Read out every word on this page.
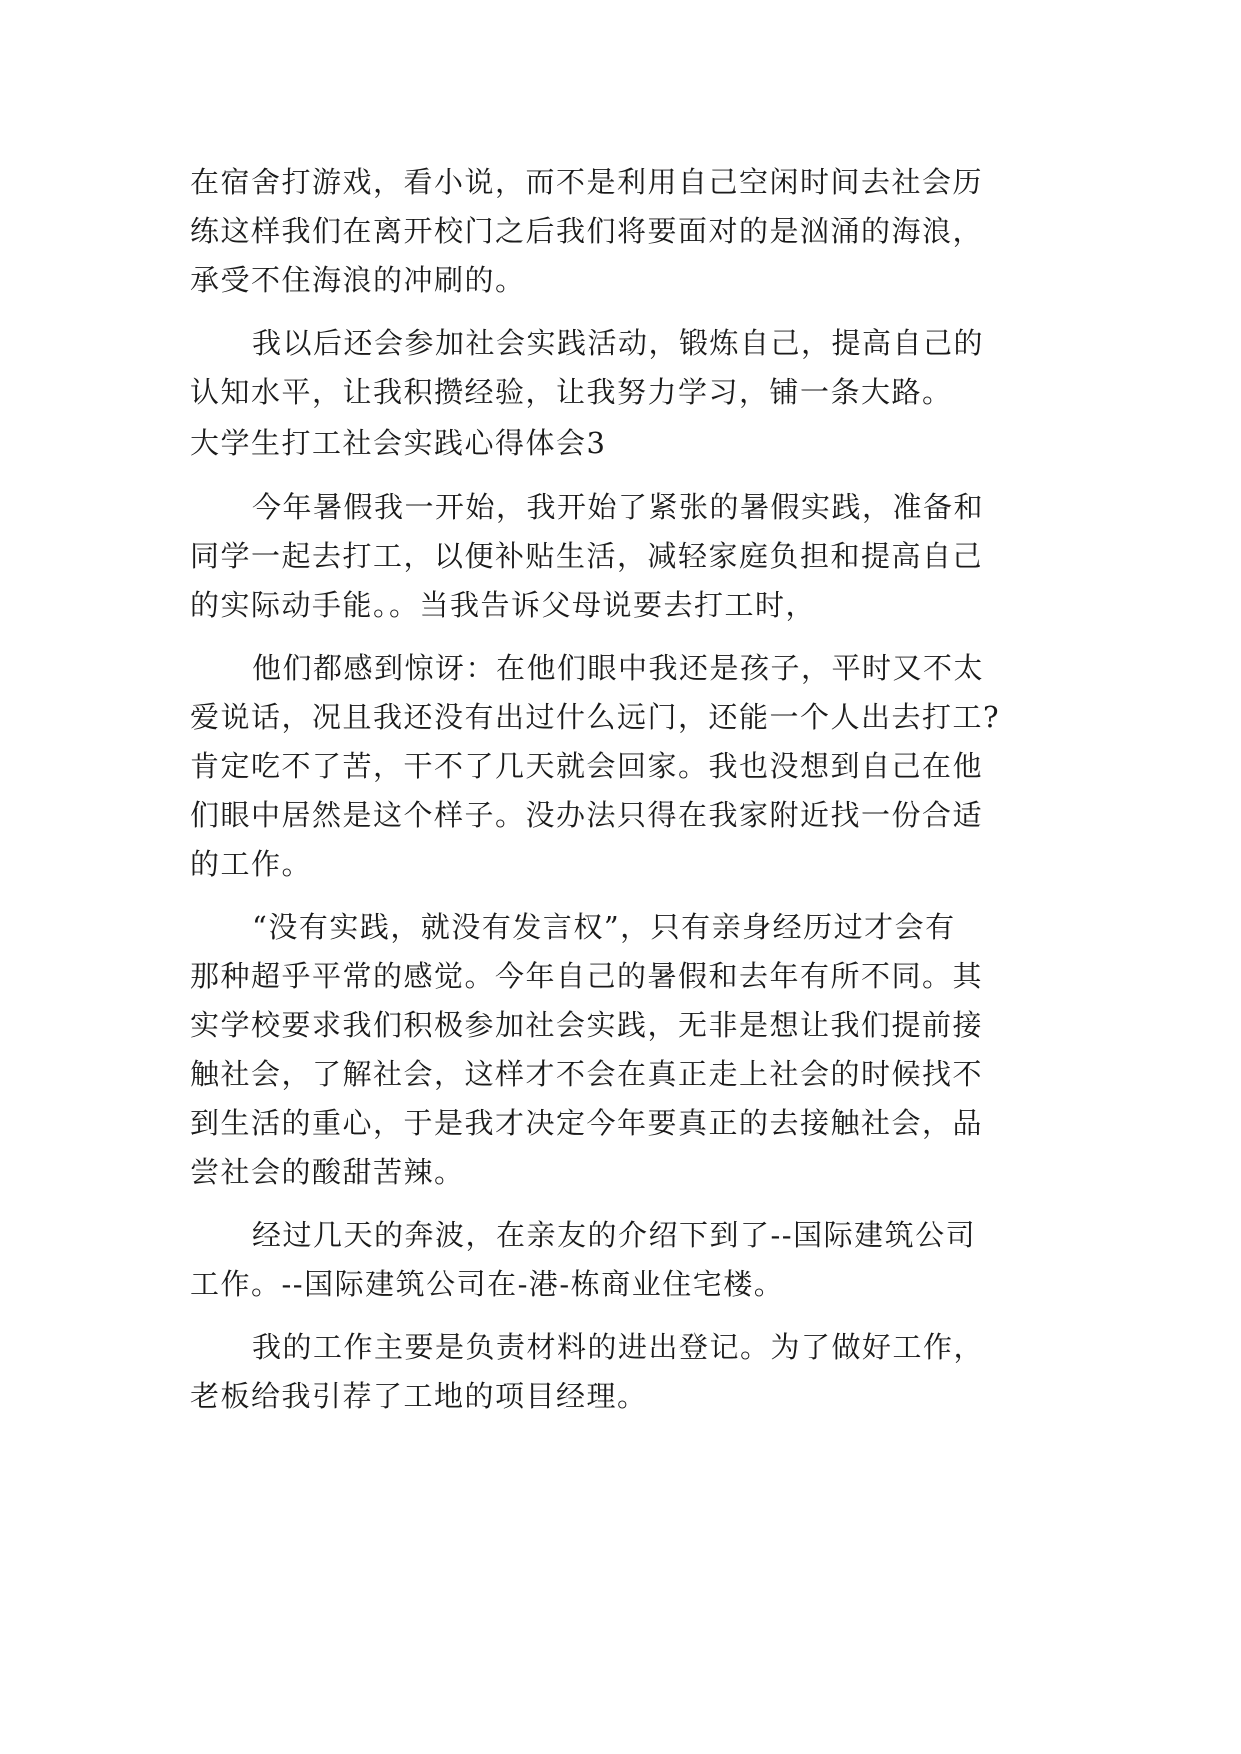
在宿舍打游戏，看小说，而不是利用自己空闲时间去社会历
练这样我们在离开校门之后我们将要面对的是汹涌的海浪，
承受不住海浪的冲刷的。
我以后还会参加社会实践活动，锻炼自己，提高自己的
认知水平，让我积攒经验，让我努力学习，铺一条大路。
大学生打工社会实践心得体会3
今年暑假我一开始，我开始了紧张的暑假实践，准备和
同学一起去打工，以便补贴生活，减轻家庭负担和提高自己
的实际动手能。。当我告诉父母说要去打工时，
他们都感到惊讶：在他们眼中我还是孩子，平时又不太
爱说话，况且我还没有出过什么远门，还能一个人出去打工?
肯定吃不了苦，干不了几天就会回家。我也没想到自己在他
们眼中居然是这个样子。没办法只得在我家附近找一份合适
的工作。
“没有实践，就没有发言权”，只有亲身经历过才会有
那种超乎平常的感觉。今年自己的暑假和去年有所不同。其
实学校要求我们积极参加社会实践，无非是想让我们提前接
触社会，了解社会，这样才不会在真正走上社会的时候找不
到生活的重心，于是我才决定今年要真正的去接触社会，品
尝社会的酸甜苦辣。
经过几天的奔波，在亲友的介绍下到了--国际建筑公司
工作。--国际建筑公司在-港-栋商业住宅楼。
我的工作主要是负责材料的进出登记。为了做好工作，
老板给我引荐了工地的项目经理。
